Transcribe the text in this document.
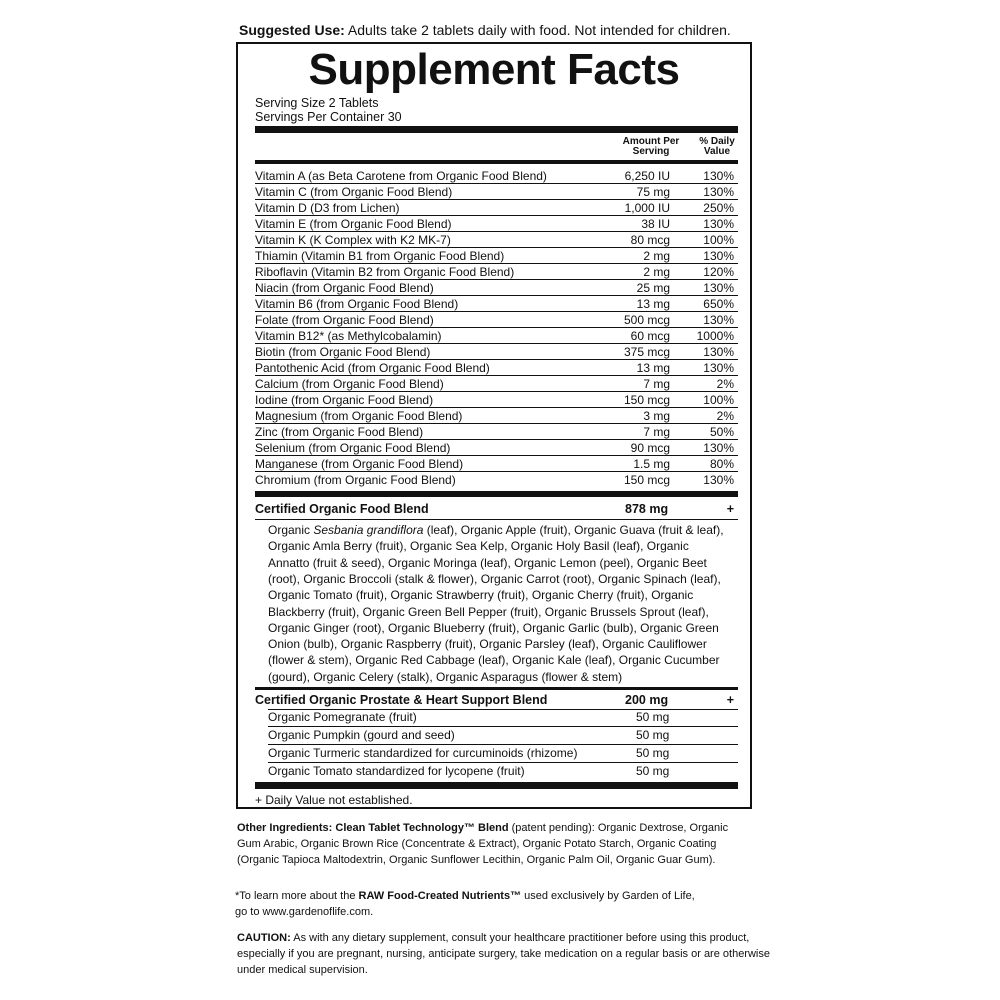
Suggested Use: Adults take 2 tablets daily with food. Not intended for children.
Supplement Facts
Serving Size 2 Tablets
Servings Per Container 30
Amount Per
Serving
% Daily
Value
Vitamin A (as Beta Carotene from Organic Food Blend)	6,250 IU	130%
Vitamin C (from Organic Food Blend)	75 mg	130%
Vitamin D (D3 from Lichen)	1,000 IU	250%
Vitamin E (from Organic Food Blend)	38 IU	130%
Vitamin K (K Complex with K2 MK-7)	80 mcg	100%
Thiamin (Vitamin B1 from Organic Food Blend)	2 mg	130%
Riboflavin (Vitamin B2 from Organic Food Blend)	2 mg	120%
Niacin (from Organic Food Blend)	25 mg	130%
Vitamin B6 (from Organic Food Blend)	13 mg	650%
Folate (from Organic Food Blend)	500 mcg	130%
Vitamin B12* (as Methylcobalamin)	60 mcg 1000%
Biotin (from Organic Food Blend)	375 mcg	130%
Pantothenic Acid (from Organic Food Blend)	13 mg	130%
Calcium (from Organic Food Blend)	7 mg	2%
Iodine (from Organic Food Blend)	150 mcg	100%
Magnesium (from Organic Food Blend)	3 mg	2%
Zinc (from Organic Food Blend)	7 mg	50%
Selenium (from Organic Food Blend)	90 mcg	130%
Manganese (from Organic Food Blend)	1.5 mg	80%
Chromium (from Organic Food Blend)	150 mcg	130%
Certified Organic Food Blend	878 mg	+
Organic Sesbania grandiflora (leaf), Organic Apple (fruit), Organic Guava (fruit & leaf),
Organic Amla Berry (fruit), Organic Sea Kelp, Organic Holy Basil (leaf), Organic
Annatto (fruit & seed), Organic Moringa (leaf), Organic Lemon (peel), Organic Beet
(root), Organic Broccoli (stalk & flower), Organic Carrot (root), Organic Spinach (leaf),
Organic Tomato (fruit), Organic Strawberry (fruit), Organic Cherry (fruit), Organic
Blackberry (fruit), Organic Green Bell Pepper (fruit), Organic Brussels Sprout (leaf),
Organic Ginger (root), Organic Blueberry (fruit), Organic Garlic (bulb), Organic Green
Onion (bulb), Organic Raspberry (fruit), Organic Parsley (leaf), Organic Cauliflower
(flower & stem), Organic Red Cabbage (leaf), Organic Kale (leaf), Organic Cucumber
(gourd), Organic Celery (stalk), Organic Asparagus (flower & stem)
Certified Organic Prostate & Heart Support Blend	200 mg	+
Organic Pomegranate (fruit)	50 mg
Organic Pumpkin (gourd and seed)	50 mg
Organic Turmeric standardized for curcuminoids (rhizome)	50 mg
Organic Tomato standardized for lycopene (fruit)	50 mg
+ Daily Value not established.
Other Ingredients: Clean Tablet Technology™ Blend (patent pending): Organic Dextrose, Organic
Gum Arabic, Organic Brown Rice (Concentrate & Extract), Organic Potato Starch, Organic Coating
(Organic Tapioca Maltodextrin, Organic Sunflower Lecithin, Organic Palm Oil, Organic Guar Gum).
*To learn more about the RAW Food-Created Nutrients™ used exclusively by Garden of Life,
go to www.gardenoflife.com.
CAUTION: As with any dietary supplement, consult your healthcare practitioner before using this product,
especially if you are pregnant, nursing, anticipate surgery, take medication on a regular basis or are otherwise
under medical supervision.
